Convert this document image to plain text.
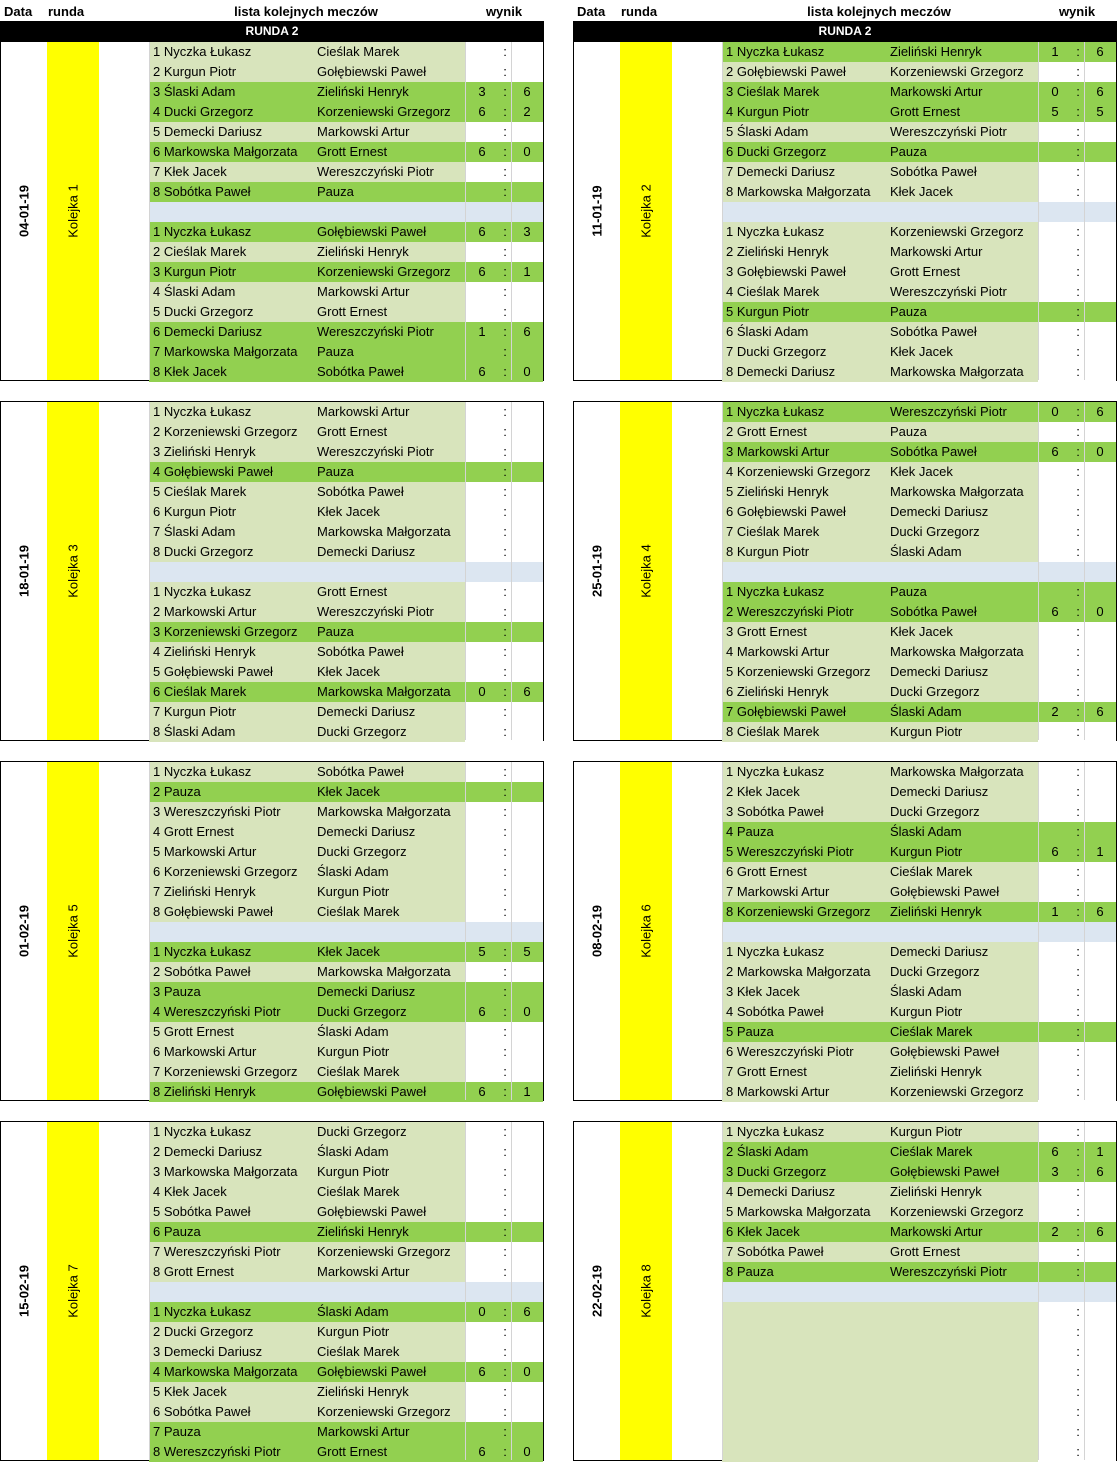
Data	runda	lista kolejnych meczów	wynik	Data	runda	lista kolejnych meczów	wynik
RUNDA 2	RUNDA 2
04-01-19	Kolejka 1
1 Nyczka Łukasz	Cieślak Marek	:
2 Kurgun Piotr	Gołębiewski Paweł	:
3 Ślaski Adam	Zieliński Henryk	3	:	6
4 Ducki Grzegorz	Korzeniewski Grzegorz	6	:	2
5 Demecki Dariusz	Markowski Artur	:
6 Markowska Małgorzata	Grott Ernest	6	:	0
7 Kłek Jacek	Wereszczyński Piotr	:
8 Sobótka Paweł	Pauza	:
1 Nyczka Łukasz	Gołębiewski Paweł	6	:	3
2 Cieślak Marek	Zieliński Henryk	:
3 Kurgun Piotr	Korzeniewski Grzegorz	6	:	1
4 Ślaski Adam	Markowski Artur	:
5 Ducki Grzegorz	Grott Ernest	:
6 Demecki Dariusz	Wereszczyński Piotr	1	:	6
7 Markowska Małgorzata	Pauza	:
8 Kłek Jacek	Sobótka Paweł	6	:	0
11-01-19	Kolejka 2
1 Nyczka Łukasz	Zieliński Henryk	1	:	6
2 Gołębiewski Paweł	Korzeniewski Grzegorz	:
3 Cieślak Marek	Markowski Artur	0	:	6
4 Kurgun Piotr	Grott Ernest	5	:	5
5 Ślaski Adam	Wereszczyński Piotr	:
6 Ducki Grzegorz	Pauza	:
7 Demecki Dariusz	Sobótka Paweł	:
8 Markowska Małgorzata	Kłek Jacek	:
1 Nyczka Łukasz	Korzeniewski Grzegorz	:
2 Zieliński Henryk	Markowski Artur	:
3 Gołębiewski Paweł	Grott Ernest	:
4 Cieślak Marek	Wereszczyński Piotr	:
5 Kurgun Piotr	Pauza	:
6 Ślaski Adam	Sobótka Paweł	:
7 Ducki Grzegorz	Kłek Jacek	:
8 Demecki Dariusz	Markowska Małgorzata	:
18-01-19	Kolejka 3
1 Nyczka Łukasz	Markowski Artur	:
2 Korzeniewski Grzegorz	Grott Ernest	:
3 Zieliński Henryk	Wereszczyński Piotr	:
4 Gołębiewski Paweł	Pauza	:
5 Cieślak Marek	Sobótka Paweł	:
6 Kurgun Piotr	Kłek Jacek	:
7 Ślaski Adam	Markowska Małgorzata	:
8 Ducki Grzegorz	Demecki Dariusz	:
1 Nyczka Łukasz	Grott Ernest	:
2 Markowski Artur	Wereszczyński Piotr	:
3 Korzeniewski Grzegorz	Pauza	:
4 Zieliński Henryk	Sobótka Paweł	:
5 Gołębiewski Paweł	Kłek Jacek	:
6 Cieślak Marek	Markowska Małgorzata	0	:	6
7 Kurgun Piotr	Demecki Dariusz	:
8 Ślaski Adam	Ducki Grzegorz	:
25-01-19	Kolejka 4
1 Nyczka Łukasz	Wereszczyński Piotr	0	:	6
2 Grott Ernest	Pauza	:
3 Markowski Artur	Sobótka Paweł	6	:	0
4 Korzeniewski Grzegorz	Kłek Jacek	:
5 Zieliński Henryk	Markowska Małgorzata	:
6 Gołębiewski Paweł	Demecki Dariusz	:
7 Cieślak Marek	Ducki Grzegorz	:
8 Kurgun Piotr	Ślaski Adam	:
1 Nyczka Łukasz	Pauza	:
2 Wereszczyński Piotr	Sobótka Paweł	6	:	0
3 Grott Ernest	Kłek Jacek	:
4 Markowski Artur	Markowska Małgorzata	:
5 Korzeniewski Grzegorz	Demecki Dariusz	:
6 Zieliński Henryk	Ducki Grzegorz	:
7 Gołębiewski Paweł	Ślaski Adam	2	:	6
8 Cieślak Marek	Kurgun Piotr	:
01-02-19	Kolejka 5
1 Nyczka Łukasz	Sobótka Paweł	:
2 Pauza	Kłek Jacek	:
3 Wereszczyński Piotr	Markowska Małgorzata	:
4 Grott Ernest	Demecki Dariusz	:
5 Markowski Artur	Ducki Grzegorz	:
6 Korzeniewski Grzegorz	Ślaski Adam	:
7 Zieliński Henryk	Kurgun Piotr	:
8 Gołębiewski Paweł	Cieślak Marek	:
1 Nyczka Łukasz	Kłek Jacek	5	:	5
2 Sobótka Paweł	Markowska Małgorzata	:
3 Pauza	Demecki Dariusz	:
4 Wereszczyński Piotr	Ducki Grzegorz	6	:	0
5 Grott Ernest	Ślaski Adam	:
6 Markowski Artur	Kurgun Piotr	:
7 Korzeniewski Grzegorz	Cieślak Marek	:
8 Zieliński Henryk	Gołębiewski Paweł	6	:	1
08-02-19	Kolejka 6
1 Nyczka Łukasz	Markowska Małgorzata	:
2 Kłek Jacek	Demecki Dariusz	:
3 Sobótka Paweł	Ducki Grzegorz	:
4 Pauza	Ślaski Adam	:
5 Wereszczyński Piotr	Kurgun Piotr	6	:	1
6 Grott Ernest	Cieślak Marek	:
7 Markowski Artur	Gołębiewski Paweł	:
8 Korzeniewski Grzegorz	Zieliński Henryk	1	:	6
1 Nyczka Łukasz	Demecki Dariusz	:
2 Markowska Małgorzata	Ducki Grzegorz	:
3 Kłek Jacek	Ślaski Adam	:
4 Sobótka Paweł	Kurgun Piotr	:
5 Pauza	Cieślak Marek	:
6 Wereszczyński Piotr	Gołębiewski Paweł	:
7 Grott Ernest	Zieliński Henryk	:
8 Markowski Artur	Korzeniewski Grzegorz	:
15-02-19	Kolejka 7
1 Nyczka Łukasz	Ducki Grzegorz	:
2 Demecki Dariusz	Ślaski Adam	:
3 Markowska Małgorzata	Kurgun Piotr	:
4 Kłek Jacek	Cieślak Marek	:
5 Sobótka Paweł	Gołębiewski Paweł	:
6 Pauza	Zieliński Henryk	:
7 Wereszczyński Piotr	Korzeniewski Grzegorz	:
8 Grott Ernest	Markowski Artur	:
1 Nyczka Łukasz	Ślaski Adam	0	:	6
2 Ducki Grzegorz	Kurgun Piotr	:
3 Demecki Dariusz	Cieślak Marek	:
4 Markowska Małgorzata	Gołębiewski Paweł	6	:	0
5 Kłek Jacek	Zieliński Henryk	:
6 Sobótka Paweł	Korzeniewski Grzegorz	:
7 Pauza	Markowski Artur	:
8 Wereszczyński Piotr	Grott Ernest	6	:	0
22-02-19	Kolejka 8
1 Nyczka Łukasz	Kurgun Piotr	:
2 Ślaski Adam	Cieślak Marek	6	:	1
3 Ducki Grzegorz	Gołębiewski Paweł	3	:	6
4 Demecki Dariusz	Zieliński Henryk	:
5 Markowska Małgorzata	Korzeniewski Grzegorz	:
6 Kłek Jacek	Markowski Artur	2	:	6
7 Sobótka Paweł	Grott Ernest	:
8 Pauza	Wereszczyński Piotr	:
:
:
:
:
:
:
:
:
